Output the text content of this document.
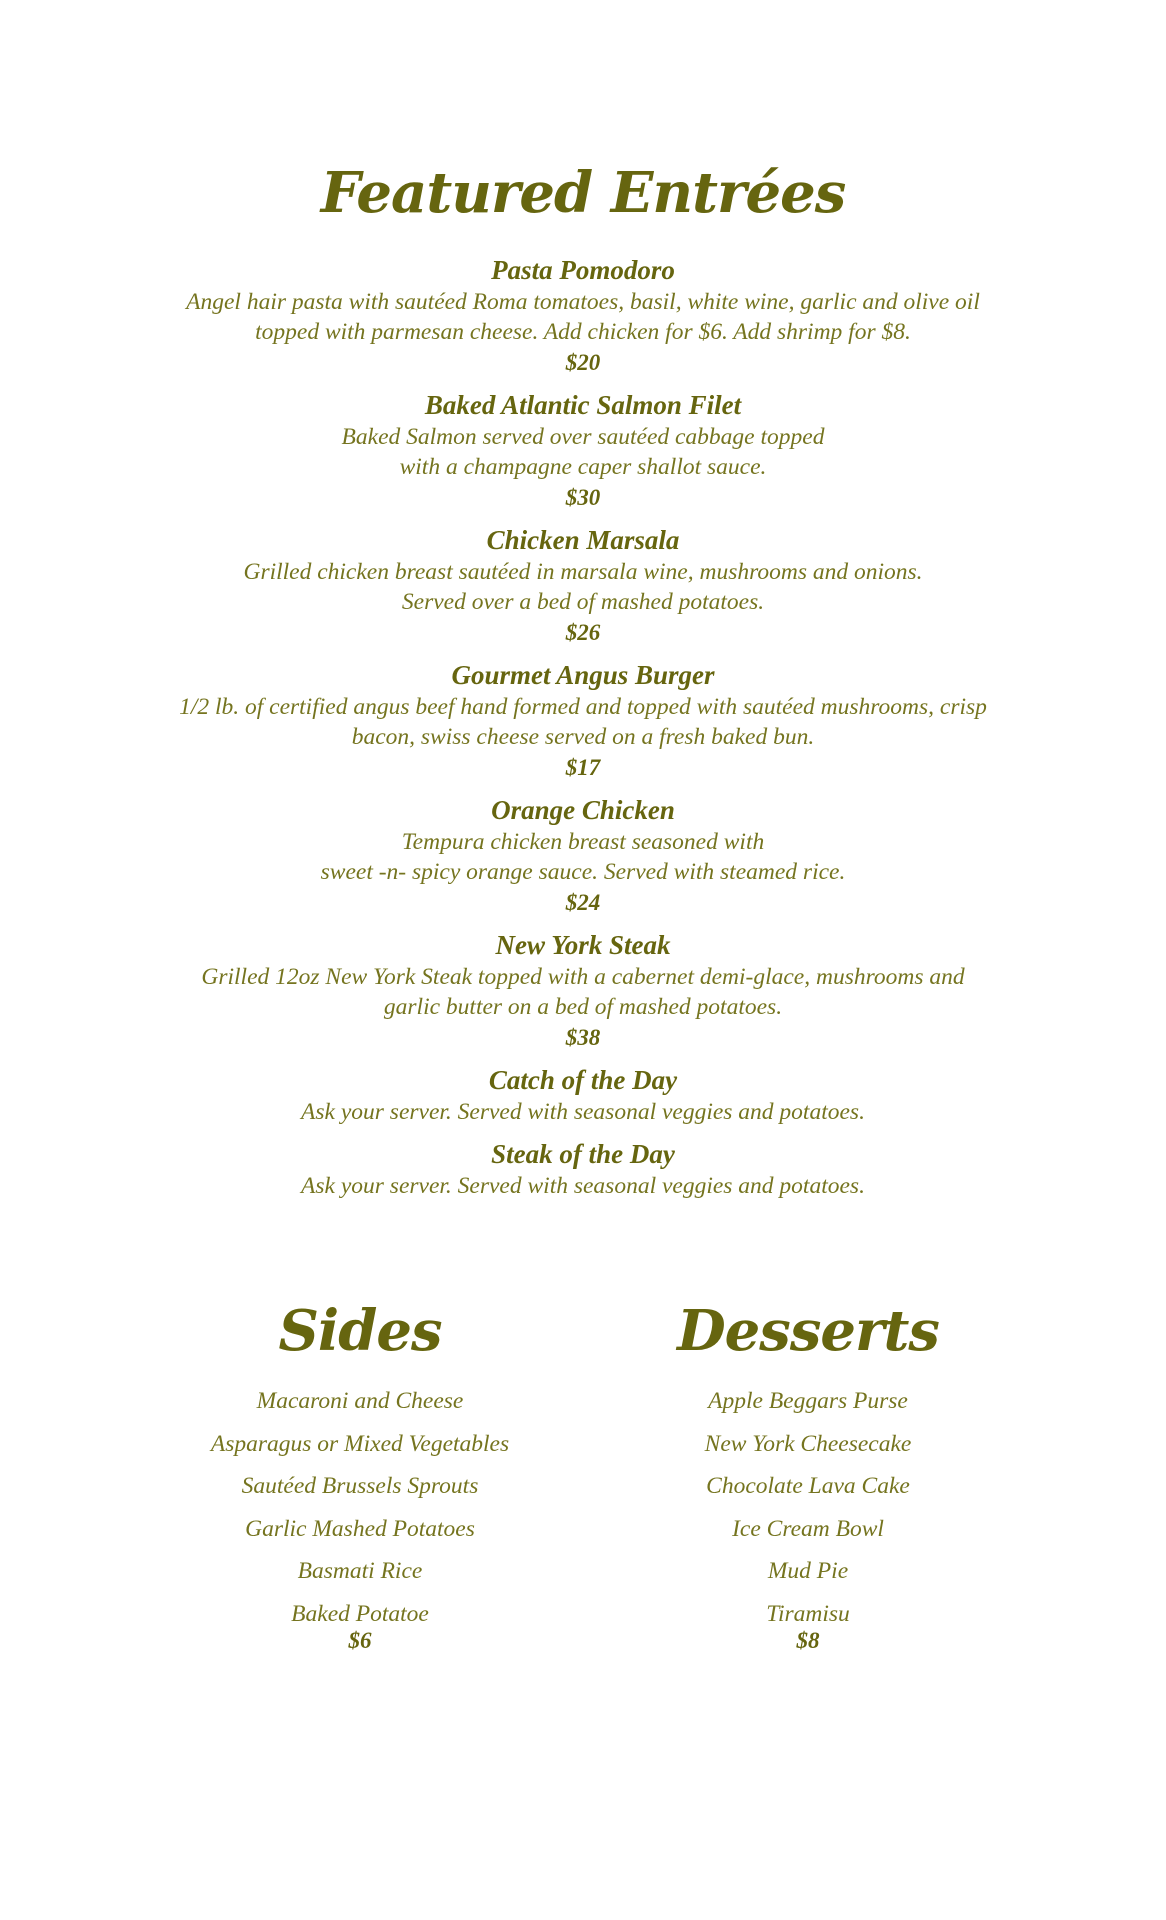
Featured Entrées
Pasta Pomodoro
Angel hair pasta with sautéed Roma tomatoes, basil, white wine, garlic and olive oil
topped with parmesan cheese. Add chicken for $6. Add shrimp for $8.
$20
Baked Atlantic Salmon Filet
Baked Salmon served over sautéed cabbage topped
with a champagne caper shallot sauce.
$30
Chicken Marsala
Grilled chicken breast sautéed in marsala wine, mushrooms and onions.
Served over a bed of mashed potatoes.
$26
Gourmet Angus Burger
1/2 lb. of certified angus beef hand formed and topped with sautéed mushrooms, crisp
bacon, swiss cheese served on a fresh baked bun.
$17
Orange Chicken
Tempura chicken breast seasoned with
sweet -n- spicy orange sauce. Served with steamed rice.
$24
New York Steak
Grilled 12oz New York Steak topped with a cabernet demi-glace, mushrooms and
garlic butter on a bed of mashed potatoes.
$38
Catch of the Day
Ask your server. Served with seasonal veggies and potatoes.
Steak of the Day
Ask your server. Served with seasonal veggies and potatoes.
Sides
Macaroni and Cheese
Asparagus or Mixed Vegetables
Sautéed Brussels Sprouts
Garlic Mashed Potatoes
Basmati Rice
Baked Potatoe
$6
Desserts
Apple Beggars Purse
New York Cheesecake
Chocolate Lava Cake
Ice Cream Bowl
Mud Pie
Tiramisu
$8
